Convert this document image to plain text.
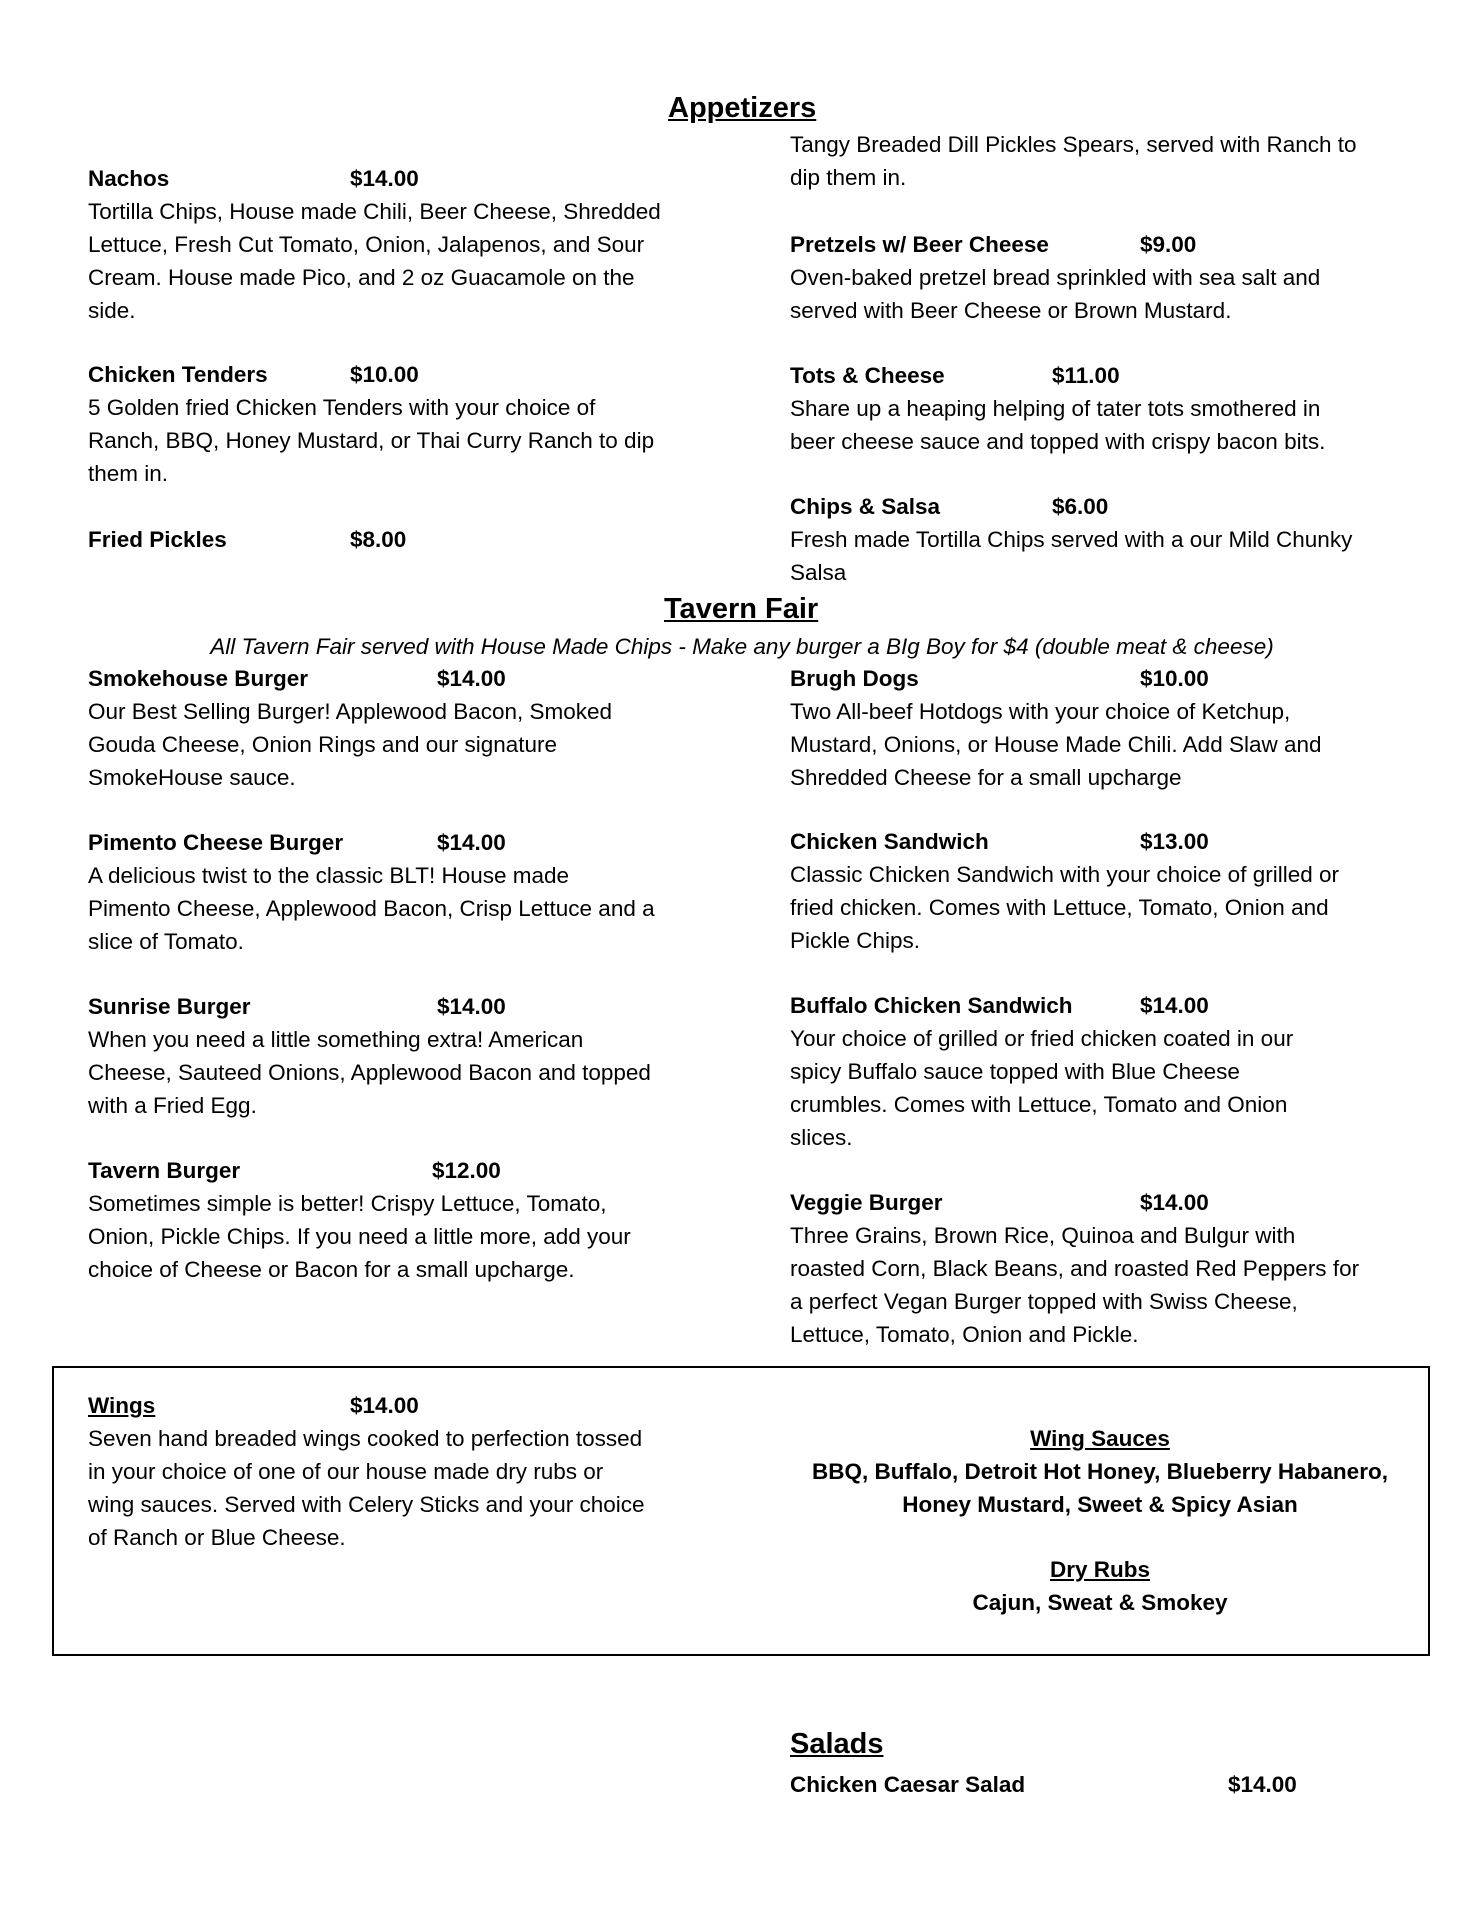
Appetizers
Nachos	$14.00
Tortilla Chips, House made Chili, Beer Cheese, Shredded
Lettuce, Fresh Cut Tomato, Onion, Jalapenos, and Sour
Cream. House made Pico, and 2 oz Guacamole on the
side.
Chicken Tenders	$10.00
5 Golden fried Chicken Tenders with your choice of
Ranch, BBQ, Honey Mustard, or Thai Curry Ranch to dip
them in.
Fried Pickles	$8.00
Tangy Breaded Dill Pickles Spears, served with Ranch to
dip them in.
Pretzels w/ Beer Cheese	$9.00
Oven-baked pretzel bread sprinkled with sea salt and
served with Beer Cheese or Brown Mustard.
Tots & Cheese	$11.00
Share up a heaping helping of tater tots smothered in
beer cheese sauce and topped with crispy bacon bits.
Chips & Salsa	$6.00
Fresh made Tortilla Chips served with a our Mild Chunky
Salsa
Tavern Fair
All Tavern Fair served with House Made Chips - Make any burger a BIg Boy for $4 (double meat & cheese)
Smokehouse Burger	$14.00
Our Best Selling Burger! Applewood Bacon, Smoked
Gouda Cheese, Onion Rings and our signature
SmokeHouse sauce.
Pimento Cheese Burger	$14.00
A delicious twist to the classic BLT! House made
Pimento Cheese, Applewood Bacon, Crisp Lettuce and a
slice of Tomato.
Sunrise Burger	$14.00
When you need a little something extra! American
Cheese, Sauteed Onions, Applewood Bacon and topped
with a Fried Egg.
Tavern Burger	$12.00
Sometimes simple is better! Crispy Lettuce, Tomato,
Onion, Pickle Chips. If you need a little more, add your
choice of Cheese or Bacon for a small upcharge.
Brugh Dogs	$10.00
Two All-beef Hotdogs with your choice of Ketchup,
Mustard, Onions, or House Made Chili. Add Slaw and
Shredded Cheese for a small upcharge
Chicken Sandwich	$13.00
Classic Chicken Sandwich with your choice of grilled or
fried chicken. Comes with Lettuce, Tomato, Onion and
Pickle Chips.
Buffalo Chicken Sandwich	$14.00
Your choice of grilled or fried chicken coated in our
spicy Buffalo sauce topped with Blue Cheese
crumbles. Comes with Lettuce, Tomato and Onion
slices.
Veggie Burger	$14.00
Three Grains, Brown Rice, Quinoa and Bulgur with
roasted Corn, Black Beans, and roasted Red Peppers for
a perfect Vegan Burger topped with Swiss Cheese,
Lettuce, Tomato, Onion and Pickle.
Wings	$14.00
Seven hand breaded wings cooked to perfection tossed
in your choice of one of our house made dry rubs or
wing sauces. Served with Celery Sticks and your choice
of Ranch or Blue Cheese.
Wing Sauces
BBQ, Buffalo, Detroit Hot Honey, Blueberry Habanero,
Honey Mustard, Sweet & Spicy Asian
Dry Rubs
Cajun, Sweat & Smokey
Salads
Chicken Caesar Salad	$14.00
